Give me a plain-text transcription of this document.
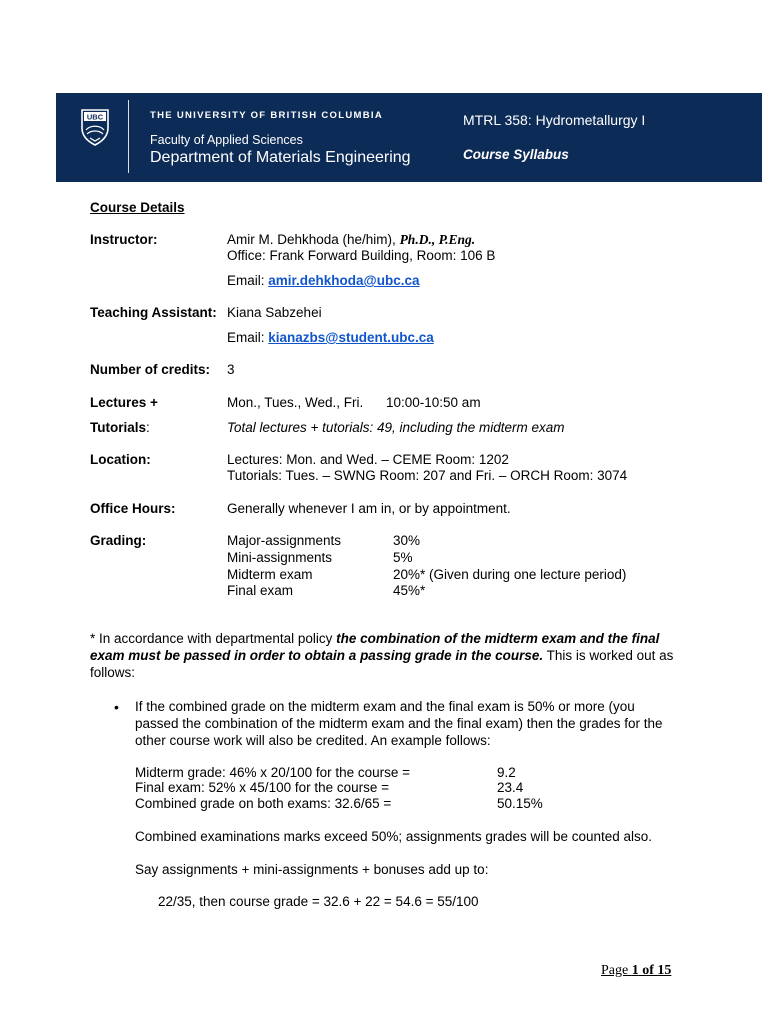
UBC	THE UNIVERSITY OF BRITISH COLUMBIA
Faculty of Applied Sciences
Department of Materials Engineering
MTRL 358: Hydrometallurgy I
Course Syllabus
Course Details
Instructor:	Amir M. Dehkhoda (he/him), Ph.D., P.Eng.
Office: Frank Forward Building, Room: 106 B
Email: amir.dehkhoda@ubc.ca
Teaching Assistant: Kiana Sabzehei
Email: kianazbs@student.ubc.ca
Number of credits: 3
Lectures +	Mon., Tues., Wed., Fri. 10:00-10:50 am
Tutorials:	Total lectures + tutorials: 49, including the midterm exam
Location:	Lectures: Mon. and Wed. – CEME Room: 1202
Tutorials: Tues. – SWNG Room: 207 and Fri. – ORCH Room: 3074
Office Hours:	Generally whenever I am in, or by appointment.
Grading:	Major-assignments	30%
Mini-assignments	5%
Midterm exam	20%* (Given during one lecture period)
Final exam	45%*
* In accordance with departmental policy the combination of the midterm exam and the final exam must be passed in order to obtain a passing grade in the course. This is worked out as follows:
• If the combined grade on the midterm exam and the final exam is 50% or more (you passed the combination of the midterm exam and the final exam) then the grades for the other course work will also be credited. An example follows:
Midterm grade: 46% x 20/100 for the course =	9.2
Final exam: 52% x 45/100 for the course =	23.4
Combined grade on both exams: 32.6/65 =	50.15%
Combined examinations marks exceed 50%; assignments grades will be counted also.
Say assignments + mini-assignments + bonuses add up to:
22/35, then course grade = 32.6 + 22 = 54.6 = 55/100
Page 1 of 15
